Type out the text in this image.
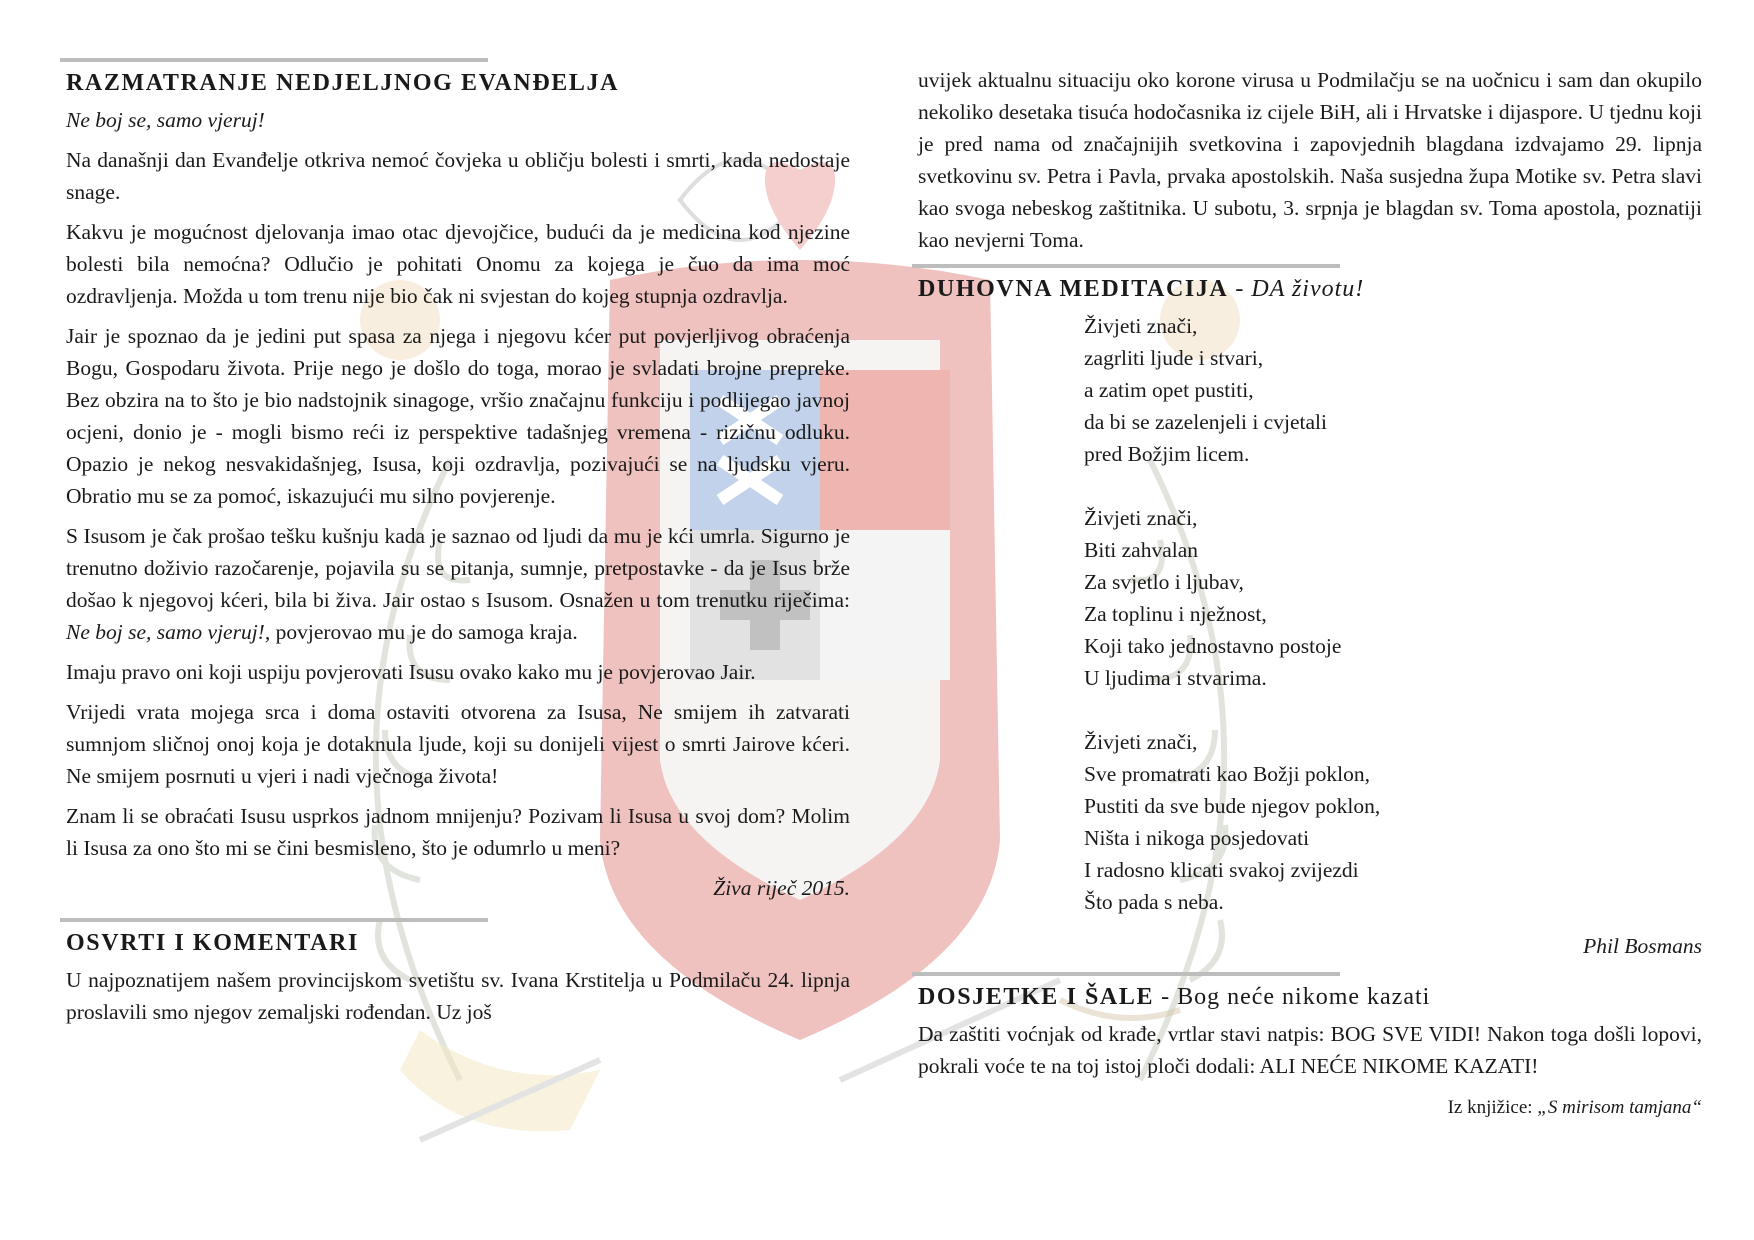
RAZMATRANJE NEDJELJNOG EVANĐELJA

Ne boj se, samo vjeruj!

Na današnji dan Evanđelje otkriva nemoć čovjeka u obličju bolesti i smrti, kada nedostaje snage.

Kakvu je mogućnost djelovanja imao otac djevojčice, budući da je medicina kod njezine bolesti bila nemoćna? Odlučio je pohitati Onomu za kojega je čuo da ima moć ozdravljenja. Možda u tom trenu nije bio čak ni svjestan do kojeg stupnja ozdravlja.

Jair je spoznao da je jedini put spasa za njega i njegovu kćer put povjerljivog obraćenja Bogu, Gospodaru života. Prije nego je došlo do toga, morao je svladati brojne prepreke. Bez obzira na to što je bio nadstojnik sinagoge, vršio značajnu funkciju i podlijegao javnoj ocjeni, donio je - mogli bismo reći iz perspektive tadašnjeg vremena - rizičnu odluku. Opazio je nekog nesvakidašnjeg, Isusa, koji ozdravlja, pozivajući se na ljudsku vjeru. Obratio mu se za pomoć, iskazujući mu silno povjerenje.

S Isusom je čak prošao tešku kušnju kada je saznao od ljudi da mu je kći umrla. Sigurno je trenutno doživio razočarenje, pojavila su se pitanja, sumnje, pretpostavke - da je Isus brže došao k njegovoj kćeri, bila bi živa. Jair ostao s Isusom. Osnažen u tom trenutku riječima: Ne boj se, samo vjeruj!, povjerovao mu je do samoga kraja.

Imaju pravo oni koji uspiju povjerovati Isusu ovako kako mu je povjerovao Jair.

Vrijedi vrata mojega srca i doma ostaviti otvorena za Isusa, Ne smijem ih zatvarati sumnjom sličnoj onoj koja je dotaknula ljude, koji su donijeli vijest o smrti Jairove kćeri. Ne smijem posrnuti u vjeri i nadi vječnoga života!

Znam li se obraćati Isusu usprkos jadnom mnijenju? Pozivam li Isusa u svoj dom? Molim li Isusa za ono što mi se čini besmisleno, što je odumrlo u meni?

Živa riječ 2015.
OSVRTI I KOMENTARI

U najpoznatijem našem provincijskom svetištu sv. Ivana Krstitelja u Podmilaču 24. lipnja proslavili smo njegov zemaljski rođendan. Uz još

uvijek aktualnu situaciju oko korone virusa u Podmilačju se na uočnicu i sam dan okupilo nekoliko desetaka tisuća hodočasnika iz cijele BiH, ali i Hrvatske i dijaspore. U tjednu koji je pred nama od značajnijih svetkovina i zapovjednih blagdana izdvajamo 29. lipnja svetkovinu sv. Petra i Pavla, prvaka apostolskih. Naša susjedna župa Motike sv. Petra slavi kao svoga nebeskog zaštitnika. U subotu, 3. srpnja je blagdan sv. Toma apostola, poznatiji kao nevjerni Toma.

DUHOVNA MEDITACIJA - DA životu!
Živjeti znači,
zagrliti ljude i stvari,
a zatim opet pustiti,
da bi se zazelenjeli i cvjetali
pred Božjim licem.
Živjeti znači,
Biti zahvalan
Za svjetlo i ljubav,
Za toplinu i nježnost,
Koji tako jednostavno postoje
U ljudima i stvarima.
Živjeti znači,
Sve promatrati kao Božji poklon,
Pustiti da sve bude njegov poklon,
Ništa i nikoga posjedovati
I radosno klicati svakoj zvijezdi
Što pada s neba.
Phil Bosmans
DOSJETKE I ŠALE - Bog neće nikome kazati

Da zaštiti voćnjak od krađe, vrtlar stavi natpis: BOG SVE VIDI! Nakon toga došli lopovi, pokrali voće te na toj istoj ploči dodali: ALI NEĆE NIKOME KAZATI!

Iz knjižice: „S mirisom tamjana“
